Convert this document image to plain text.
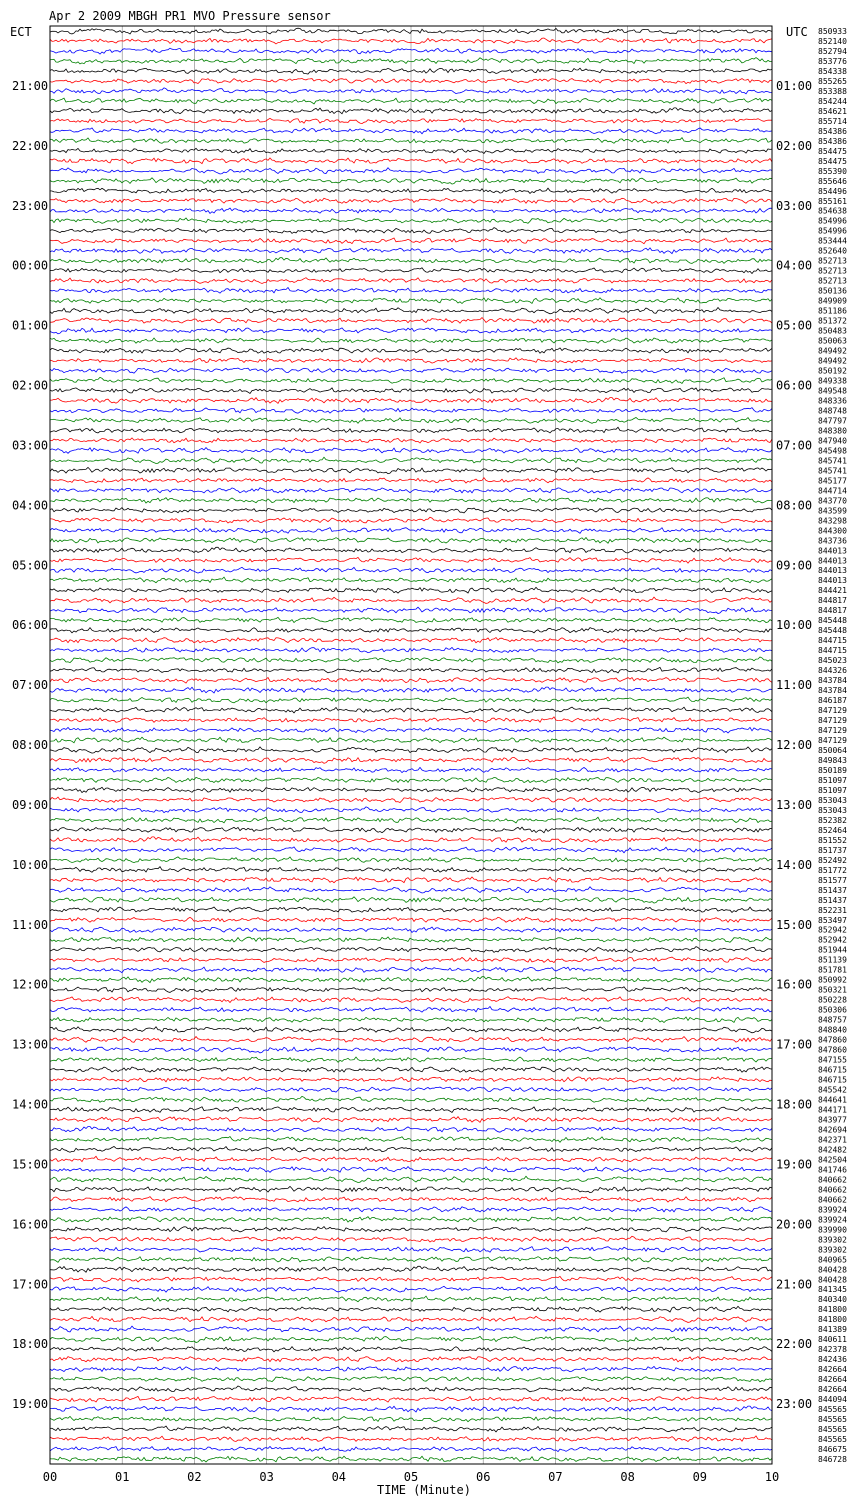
Apr 2 2009 MBGH PR1 MVO Pressure sensor
ECT	UTC
TIME (Minute)
00	01	02	03	04	05	06	07	08	09	10
21:00	01:00
22:00	02:00
23:00	03:00
00:00	04:00
01:00	05:00
02:00	06:00
03:00	07:00
04:00	08:00
05:00	09:00
06:00	10:00
07:00	11:00
08:00	12:00
09:00	13:00
10:00	14:00
11:00	15:00
12:00	16:00
13:00	17:00
14:00	18:00
15:00	19:00
16:00	20:00
17:00	21:00
18:00	22:00
19:00	23:00
850933
852140
852794
853776
854338
855265
853388
854244
854621
855714
854386
854386
854475
854475
855390
855646
854496
855161
854638
854996
854996
853444
852640
852713
852713
852713
850136
849909
851186
851372
850483
850063
849492
849492
850192
849338
849548
848336
848748
847797
848380
847940
845498
845741
845741
845177
844714
843770
843599
843298
844300
843736
844013
844013
844013
844013
844421
844817
844817
845448
845448
844715
844715
845023
844326
843784
843784
846187
847129
847129
847129
847129
850064
849843
850189
851097
851097
853043
853043
852382
852464
851552
851737
852492
851772
851577
851437
851437
852231
853497
852942
852942
851944
851139
851781
850992
850321
850228
850306
848757
848840
847860
847860
847155
846715
846715
845542
844641
844171
843977
842694
842371
842482
842504
841746
840662
840662
840662
839924
839924
839990
839302
839302
840965
840428
840428
841345
840340
841800
841800
841389
840611
842378
842436
842664
842664
842664
844094
845565
845565
845565
845565
846675
846728
